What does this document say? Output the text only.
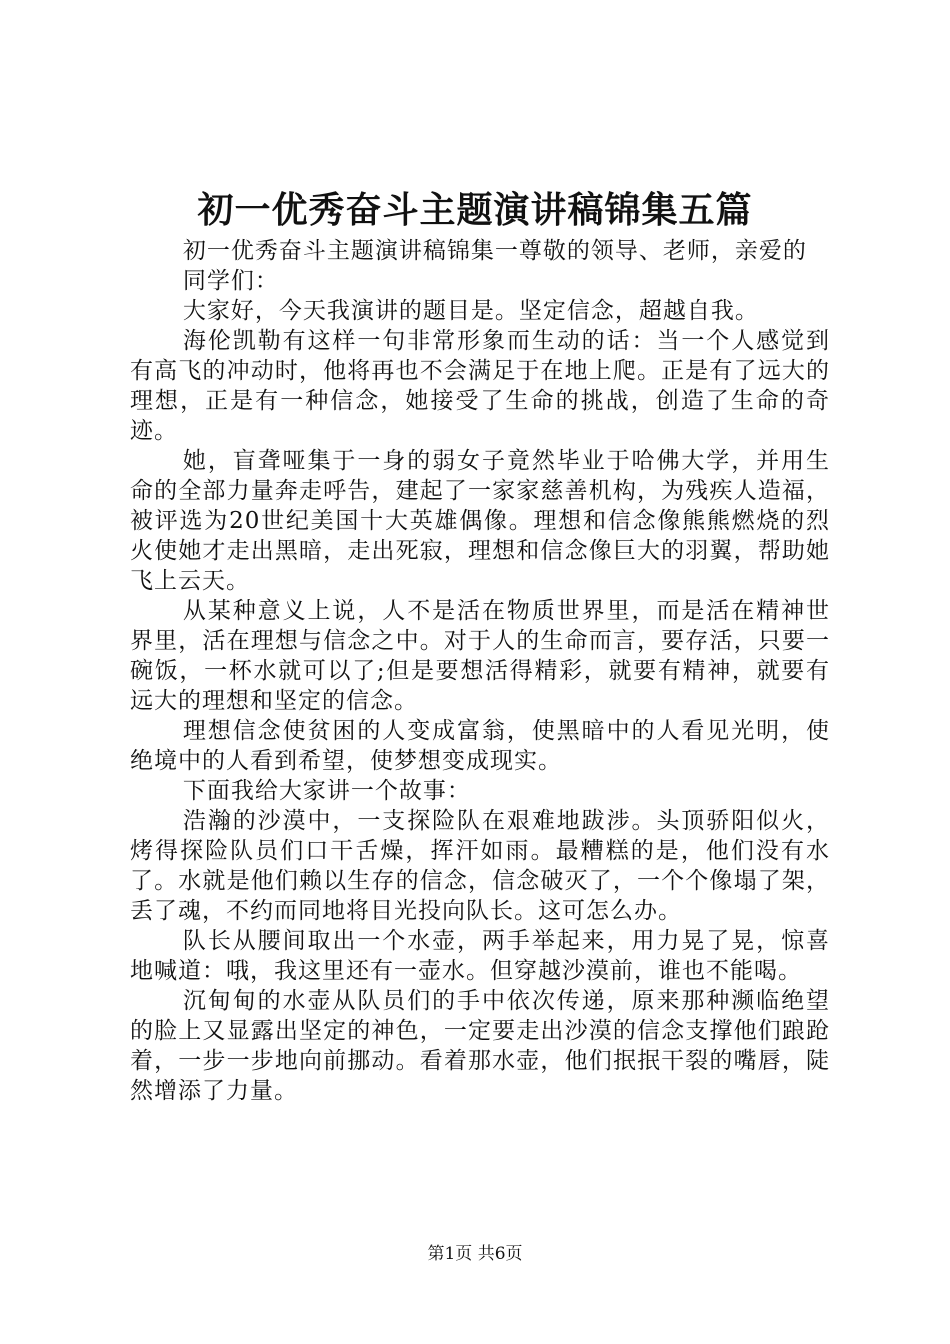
初一优秀奋斗主题演讲稿锦集五篇

初一优秀奋斗主题演讲稿锦集一尊敬的领导、老师，亲爱的

同学们：

大家好，今天我演讲的题目是。坚定信念，超越自我。

海伦凯勒有这样一句非常形象而生动的话：当一个人感觉到有高飞的冲动时，他将再也不会满足于在地上爬。正是有了远大的理想，正是有一种信念，她接受了生命的挑战，创造了生命的奇迹。

她，盲聋哑集于一身的弱女子竟然毕业于哈佛大学，并用生命的全部力量奔走呼告，建起了一家家慈善机构，为残疾人造福，被评选为20世纪美国十大英雄偶像。理想和信念像熊熊燃烧的烈火使她才走出黑暗，走出死寂，理想和信念像巨大的羽翼，帮助她飞上云天。

从某种意义上说，人不是活在物质世界里，而是活在精神世界里，活在理想与信念之中。对于人的生命而言，要存活，只要一碗饭，一杯水就可以了;但是要想活得精彩，就要有精神，就要有远大的理想和坚定的信念。

理想信念使贫困的人变成富翁，使黑暗中的人看见光明，使绝境中的人看到希望，使梦想变成现实。

下面我给大家讲一个故事：

浩瀚的沙漠中，一支探险队在艰难地跋涉。头顶骄阳似火，烤得探险队员们口干舌燥，挥汗如雨。最糟糕的是，他们没有水了。水就是他们赖以生存的信念，信念破灭了，一个个像塌了架，丢了魂，不约而同地将目光投向队长。这可怎么办。

队长从腰间取出一个水壶，两手举起来，用力晃了晃，惊喜地喊道：哦，我这里还有一壶水。但穿越沙漠前，谁也不能喝。

沉甸甸的水壶从队员们的手中依次传递，原来那种濒临绝望的脸上又显露出坚定的神色，一定要走出沙漠的信念支撑他们踉跄着，一步一步地向前挪动。看着那水壶，他们抿抿干裂的嘴唇，陡然增添了力量。

第1页 共6页
